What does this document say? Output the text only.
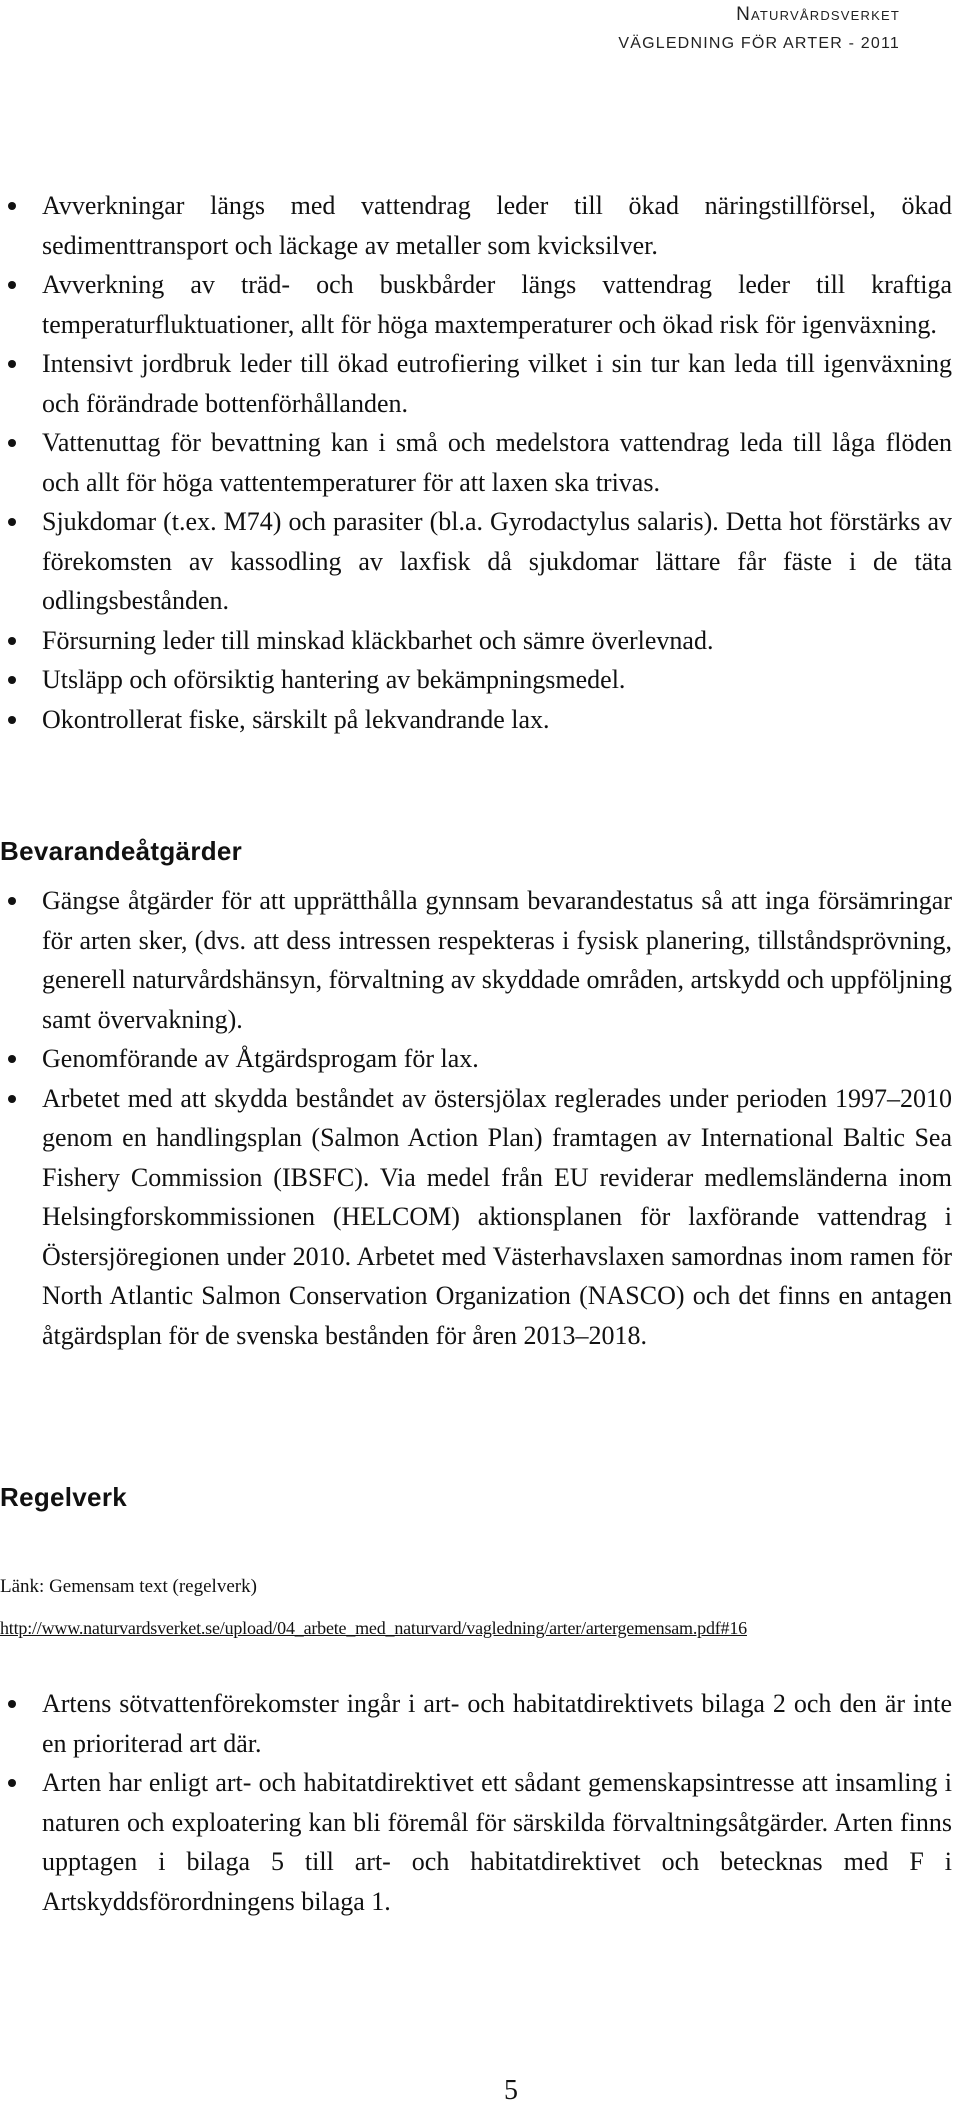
Naturvårdsverket
VÄGLEDNING FÖR ARTER - 2011
Avverkningar längs med vattendrag leder till ökad näringstillförsel, ökad sedimenttransport och läckage av metaller som kvicksilver.
Avverkning av träd- och buskbårder längs vattendrag leder till kraftiga temperaturfluktuationer, allt för höga maxtemperaturer och ökad risk för igenväxning.
Intensivt jordbruk leder till ökad eutrofiering vilket i sin tur kan leda till igenväxning och förändrade bottenförhållanden.
Vattenuttag för bevattning kan i små och medelstora vattendrag leda till låga flöden och allt för höga vattentemperaturer för att laxen ska trivas.
Sjukdomar (t.ex. M74) och parasiter (bl.a. Gyrodactylus salaris). Detta hot förstärks av förekomsten av kassodling av laxfisk då sjukdomar lättare får fäste i de täta odlingsbestånden.
Försurning leder till minskad kläckbarhet och sämre överlevnad.
Utsläpp och oförsiktig hantering av bekämpningsmedel.
Okontrollerat fiske, särskilt på lekvandrande lax.
Bevarandeåtgärder
Gängse åtgärder för att upprätthålla gynnsam bevarandestatus så att inga försämringar för arten sker, (dvs. att dess intressen respekteras i fysisk planering, tillståndsprövning, generell naturvårdshänsyn, förvaltning av skyddade områden, artskydd och uppföljning samt övervakning).
Genomförande av Åtgärdsprogam för lax.
Arbetet med att skydda beståndet av östersjölax reglerades under perioden 1997–2010 genom en handlingsplan (Salmon Action Plan) framtagen av International Baltic Sea Fishery Commission (IBSFC). Via medel från EU reviderar medlemsländerna inom Helsingforskommissionen (HELCOM) aktionsplanen för laxförande vattendrag i Östersjöregionen under 2010. Arbetet med Västerhavslaxen samordnas inom ramen för North Atlantic Salmon Conservation Organization (NASCO) och det finns en antagen åtgärdsplan för de svenska bestånden för åren 2013–2018.
Regelverk
Länk: Gemensam text (regelverk)
http://www.naturvardsverket.se/upload/04_arbete_med_naturvard/vagledning/arter/artergemensam.pdf#16
Artens sötvattenförekomster ingår i art- och habitatdirektivets bilaga 2 och den är inte en prioriterad art där.
Arten har enligt art- och habitatdirektivet ett sådant gemenskapsintresse att insamling i naturen och exploatering kan bli föremål för särskilda förvaltningsåtgärder. Arten finns upptagen i bilaga 5 till art- och habitatdirektivet och betecknas med F i Artskyddsförordningens bilaga 1.
5
